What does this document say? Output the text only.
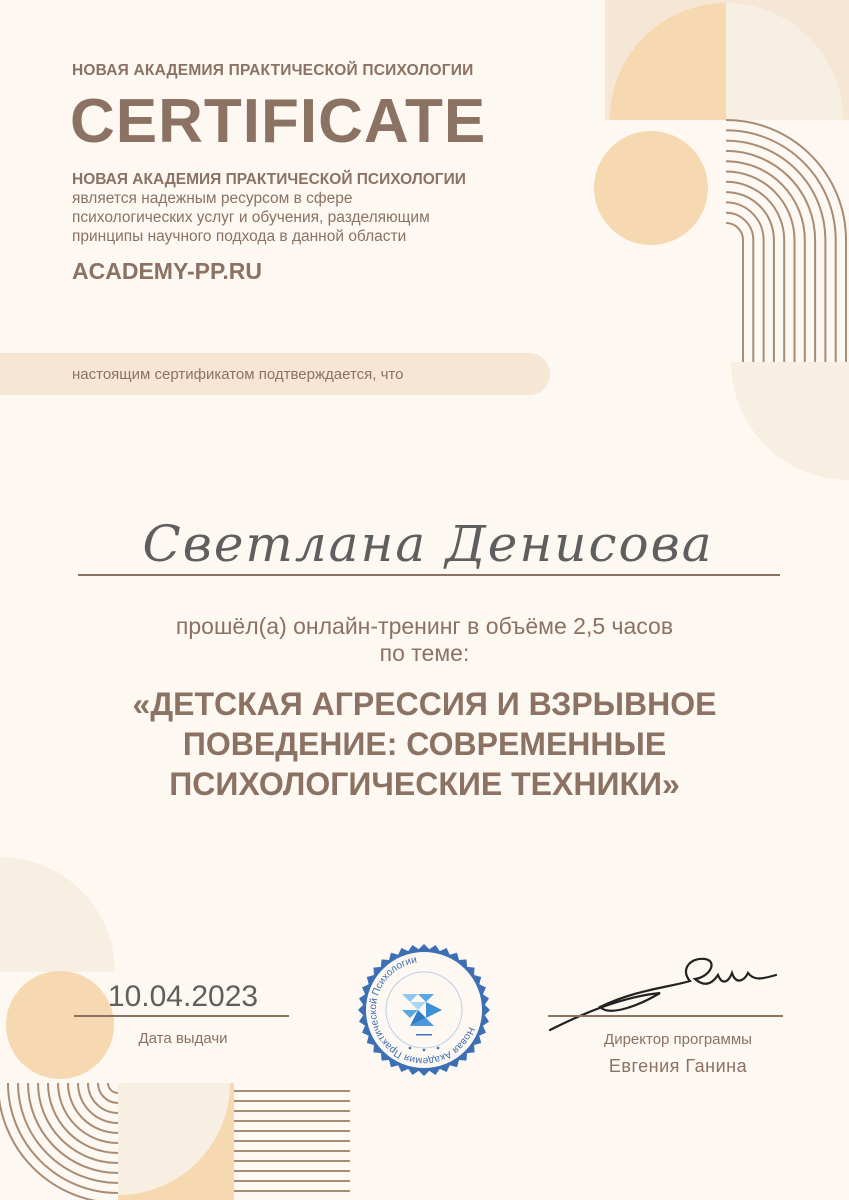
НОВАЯ АКАДЕМИЯ ПРАКТИЧЕСКОЙ ПСИХОЛОГИИ
CERTIFICATE
НОВАЯ АКАДЕМИЯ ПРАКТИЧЕСКОЙ ПСИХОЛОГИИ
является надежным ресурсом в сфере
психологических услуг и обучения, разделяющим
принципы научного подхода в данной области
ACADEMY-PP.RU
настоящим сертификатом подтверждается, что
Светлана Денисова
прошёл(а) онлайн-тренинг в объёме 2,5 часов
по теме:
«ДЕТСКАЯ АГРЕССИЯ И ВЗРЫВНОЕ
ПОВЕДЕНИЕ: СОВРЕМЕННЫЕ
ПСИХОЛОГИЧЕСКИЕ ТЕХНИКИ»
10.04.2023
Дата выдачи	Новая Академия Практической Психологии
Директор программы
Евгения Ганина
